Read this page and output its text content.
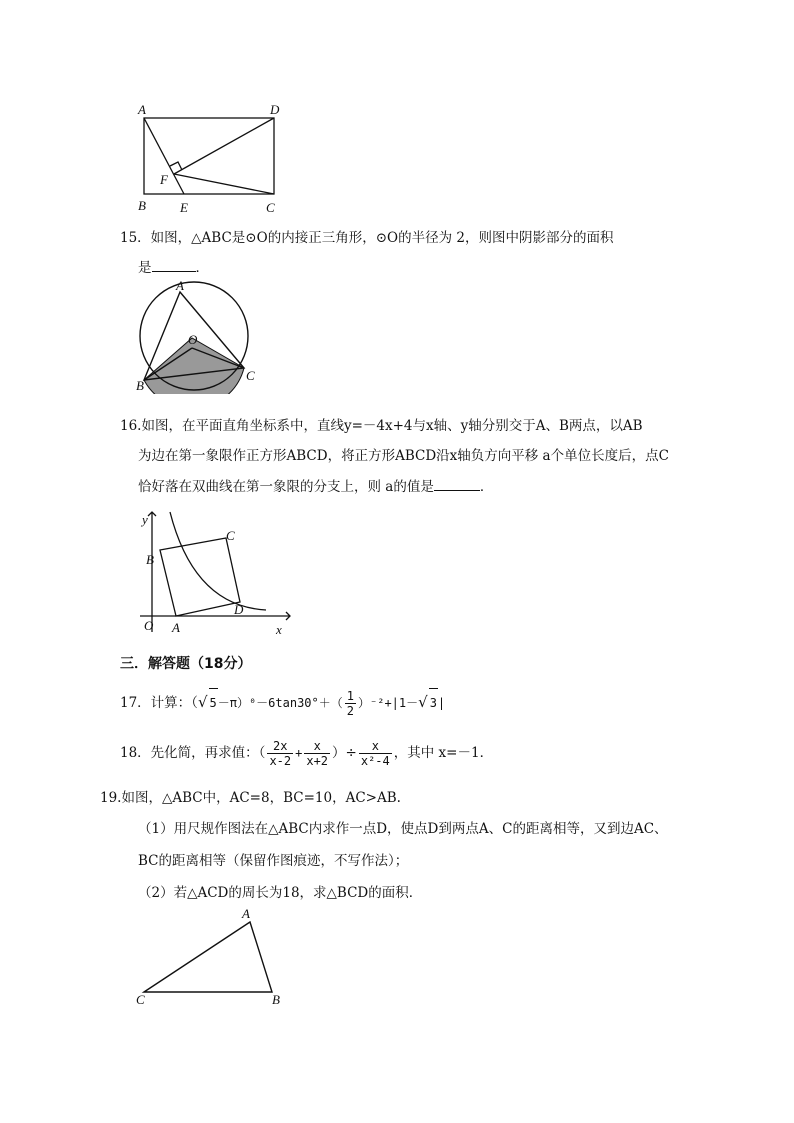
A	D
F
B	E	C
15．如图，△ABC是⊙O的内接正三角形，⊙O的半径为 2，则图中阴影部分的面积
是	．
A
O
B
C
16.如图，在平面直角坐标系中，直线y=－4x+4与x轴、y轴分别交于A、B两点，以AB
为边在第一象限作正方形ABCD，将正方形ABCD沿x轴负方向平移 a个单位长度后，点C
恰好落在双曲线在第一象限的分支上，则 a的值是	．
y
x
O A
B
C
D
三．解答题（18分）
17．计算：（√ $5-\pi)^0-6\tan 30^\circ+( \frac{1}{2} )^{-2}+|1-√$ 3|
18．先化简，再求值：（ $\frac{2x}{x-2} + \frac{x}{x+2}$ ）÷ $\frac{x}{\text{x²-4}}$ ，其中 x=－1．
19.如图，△ABC中，AC=8，BC=10，AC>AB.
（1）用尺规作图法在△ABC内求作一点D，使点D到两点A、C的距离相等，又到边AC、
BC的距离相等（保留作图痕迹，不写作法）；
（2）若△ACD的周长为18，求△BCD的面积．
A
C	B
